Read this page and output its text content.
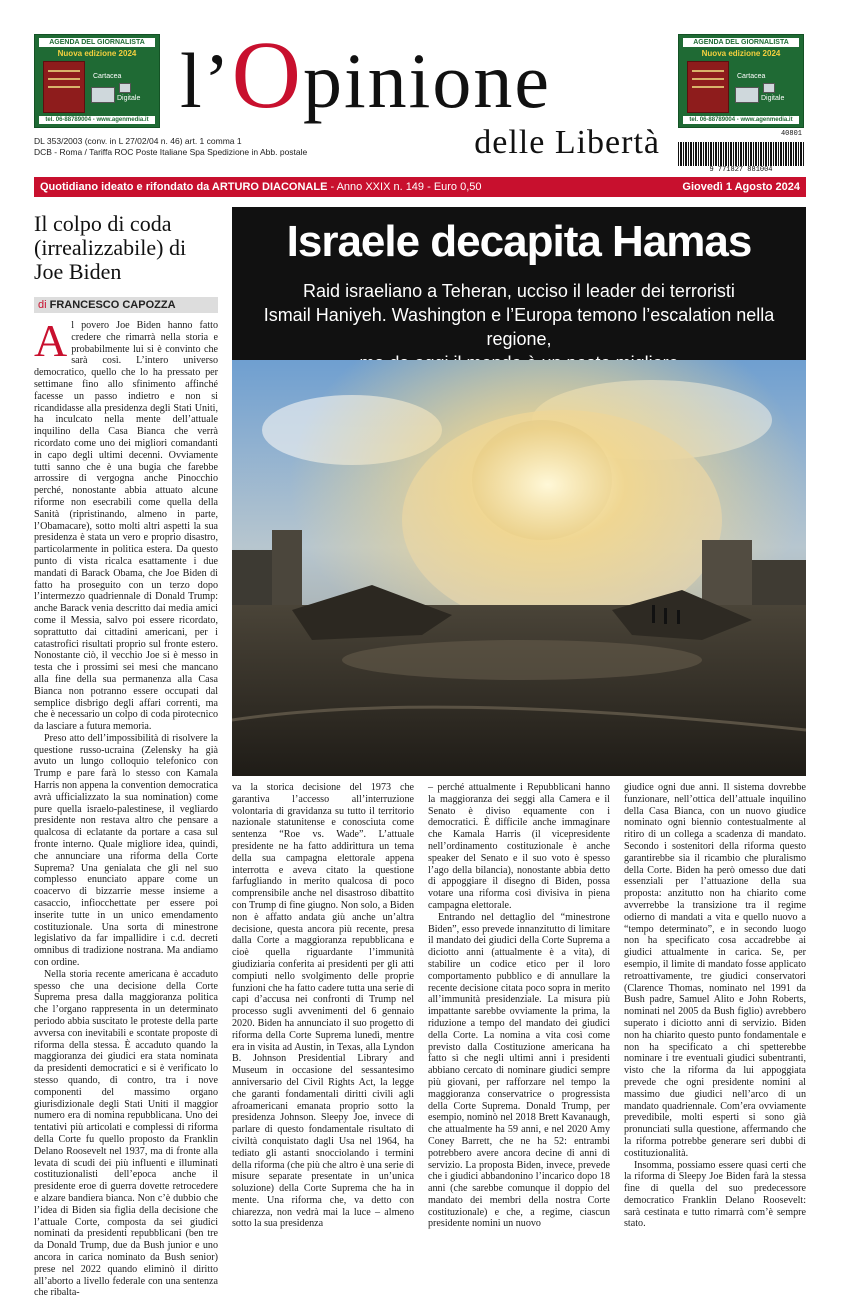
AGENDA DEL GIORNALISTA
Nuova edizione 2024
Cartacea
Digitale
tel. 06-88789004 - www.agenmedia.it
AGENDA DEL GIORNALISTA
Nuova edizione 2024
Cartacea
Digitale
tel. 06-88789004 - www.agenmedia.it
l’Opinione
delle Libertà
DL 353/2003 (conv. in L 27/02/04 n. 46) art. 1 comma 1
DCB - Roma / Tariffa ROC Poste Italiane Spa Spedizione in Abb. postale
40801
9 771827 881004
Quotidiano ideato e rifondato da ARTURO DIACONALE - Anno XXIX n. 149 - Euro 0,50	Giovedì 1 Agosto 2024
Il colpo di coda (irrealizzabile) di Joe Biden
di FRANCESCO CAPOZZA

Al povero Joe Biden hanno fatto credere che rimarrà nella storia e probabilmente lui si è convinto che sarà così. L’intero universo democratico, quello che lo ha pressato per settimane fino allo sfinimento affinché facesse un passo indietro e non si ricandidasse alla presidenza degli Stati Uniti, ha inculcato nella mente dell’attuale inquilino della Casa Bianca che verrà ricordato come uno dei migliori comandanti in capo degli ultimi decenni. Ovviamente tutti sanno che è una bugia che farebbe arrossire di vergogna anche Pinocchio perché, nonostante abbia attuato alcune riforme non esecrabili come quella della Sanità (ripristinando, almeno in parte, l’Obamacare), sotto molti altri aspetti la sua presidenza è stata un vero e proprio disastro, particolarmente in politica estera. Da questo punto di vista ricalca esattamente i due mandati di Barack Obama, che Joe Biden di fatto ha proseguito con un terzo dopo l’intermezzo quadriennale di Donald Trump: anche Barack venia descritto dai media amici come il Messia, salvo poi essere ricordato, soprattutto dai cittadini americani, per i catastrofici risultati proprio sul fronte estero. Nonostante ciò, il vecchio Joe si è messo in testa che i prossimi sei mesi che mancano alla fine della sua permanenza alla Casa Bianca non potranno essere occupati dal semplice disbrigo degli affari correnti, ma che è necessario un colpo di coda pirotecnico da lasciare a futura memoria.

Preso atto dell’impossibilità di risolvere la questione russo-ucraina (Zelensky ha già avuto un lungo colloquio telefonico con Trump e pare farà lo stesso con Kamala Harris non appena la convention democratica avrà ufficializzato la sua nomination) come pure quella israelo-palestinese, il vegliardo presidente non restava altro che pensare a qualcosa di eclatante da portare a casa sul fronte interno. Quale migliore idea, quindi, che annunciare una riforma della Corte Suprema? Una genialata che gli nel suo complesso enunciato appare come un coacervo di bizzarrie messe insieme a casaccio, infiocchettate per essere poi inserite tutte in un unico emendamento costituzionale. Una sorta di minestrone legislativo da far impallidire i c.d. decreti omnibus di tradizione nostrana. Ma andiamo con ordine.

Nella storia recente americana è accaduto spesso che una decisione della Corte Suprema presa dalla maggioranza politica che l’organo rappresenta in un determinato periodo abbia suscitato le proteste della parte avversa con inevitabili e scontate proposte di riforma della stessa. È accaduto quando la maggioranza dei giudici era stata nominata da presidenti democratici e si è verificato lo stesso quando, di contro, tra i nove componenti del massimo organo giurisdizionale degli Stati Uniti il maggior numero era di nomina repubblicana. Uno dei tentativi più articolati e complessi di riforma della Corte fu quello proposto da Franklin Delano Roosevelt nel 1937, ma di fronte alla levata di scudi dei più influenti e illuminati costituzionalisti dell’epoca anche il presidente eroe di guerra dovette retrocedere e alzare bandiera bianca. Non c’è dubbio che l’idea di Biden sia figlia della decisione che l’attuale Corte, composta da sei giudici nominati da presidenti repubblicani (ben tre da Donald Trump, due da Bush junior e uno ancora in carica nominato da Bush senior) prese nel 2022 quando eliminò il diritto all’aborto a livello federale con una sentenza che ribalta-

va la storica decisione del 1973 che garantiva l’accesso all’interruzione volontaria di gravidanza su tutto il territorio nazionale statunitense e conosciuta come sentenza “Roe vs. Wade”. L’attuale presidente ne ha fatto addirittura un tema della sua campagna elettorale appena interrotta e aveva citato la questione farfugliando in merito qualcosa di poco comprensibile anche nel disastroso dibattito con Trump di fine giugno. Non solo, a Biden non è affatto andata giù anche un’altra decisione, questa ancora più recente, presa dalla Corte a maggioranza repubblicana e cioè quella riguardante l’immunità giudiziaria conferita ai presidenti per gli atti compiuti nello svolgimento delle proprie funzioni che ha fatto cadere tutta una serie di capi d’accusa nei confronti di Trump nel processo sugli avvenimenti del 6 gennaio 2020. Biden ha annunciato il suo progetto di riforma della Corte Suprema lunedì, mentre era in visita ad Austin, in Texas, alla Lyndon B. Johnson Presidential Library and Museum in occasione del sessantesimo anniversario del Civil Rights Act, la legge che garanti fondamentali diritti civili agli afroamericani emanata proprio sotto la presidenza Johnson. Sleepy Joe, invece di parlare di questo fondamentale risultato di civiltà conquistato dagli Usa nel 1964, ha tediato gli astanti snocciolando i termini della riforma (che più che altro è una serie di misure separate presentate in un’unica soluzione) della Corte Suprema che ha in mente. Una riforma che, va detto con chiarezza, non vedrà mai la luce – almeno sotto la sua presidenza

– perché attualmente i Repubblicani hanno la maggioranza dei seggi alla Camera e il Senato è diviso equamente con i democratici. È difficile anche immaginare che Kamala Harris (il vicepresidente nell’ordinamento costituzionale è anche speaker del Senato e il suo voto è spesso l’ago della bilancia), nonostante abbia detto di appoggiare il disegno di Biden, possa votare una riforma così divisiva in piena campagna elettorale.

Entrando nel dettaglio del “minestrone Biden”, esso prevede innanzitutto di limitare il mandato dei giudici della Corte Suprema a diciotto anni (attualmente è a vita), di stabilire un codice etico per il loro comportamento pubblico e di annullare la recente decisione citata poco sopra in merito all’immunità presidenziale. La misura più impattante sarebbe ovviamente la prima, la riduzione a tempo del mandato dei giudici della Corte. La nomina a vita così come previsto dalla Costituzione americana ha fatto sì che negli ultimi anni i presidenti abbiano cercato di nominare giudici sempre più giovani, per rafforzare nel tempo la maggioranza conservatrice o progressista della Corte Suprema. Donald Trump, per esempio, nominò nel 2018 Brett Kavanaugh, che attualmente ha 59 anni, e nel 2020 Amy Coney Barrett, che ne ha 52: entrambi potrebbero avere ancora decine di anni di servizio. La proposta Biden, invece, prevede che i giudici abbandonino l’incarico dopo 18 anni (che sarebbe comunque il doppio del mandato dei membri della nostra Corte costituzionale) e che, a regime, ciascun presidente nomini un nuovo

giudice ogni due anni. Il sistema dovrebbe funzionare, nell’ottica dell’attuale inquilino della Casa Bianca, con un nuovo giudice nominato ogni biennio contestualmente al ritiro di un collega a scadenza di mandato. Secondo i sostenitori della riforma questo garantirebbe sia il ricambio che pluralismo della Corte. Biden ha però omesso due dati essenziali per l’attuazione della sua proposta: anzitutto non ha chiarito come avverrebbe la transizione tra il regime odierno di mandati a vita e quello nuovo a “tempo determinato”, e in secondo luogo non ha specificato cosa accadrebbe ai giudici attualmente in carica. Se, per esempio, il limite di mandato fosse applicato retroattivamente, tre giudici conservatori (Clarence Thomas, nominato nel 1991 da Bush padre, Samuel Alito e John Roberts, nominati nel 2005 da Bush figlio) avrebbero superato i diciotto anni di servizio. Biden non ha chiarito questo punto fondamentale e non ha specificato a chi spetterebbe nominare i tre eventuali giudici subentranti, visto che la riforma da lui appoggiata prevede che ogni presidente nomini al massimo due giudici nell’arco di un mandato quadriennale. Com’era ovviamente prevedibile, molti esperti si sono già pronunciati sulla questione, affermando che la riforma potrebbe generare seri dubbi di costituzionalità.

Insomma, possiamo essere quasi certi che la riforma di Sleepy Joe Biden farà la stessa fine di quella del suo predecessore democratico Franklin Delano Roosevelt: sarà cestinata e tutto rimarrà com’è sempre stato.

Israele decapita Hamas
Raid israeliano a Teheran, ucciso il leader dei terroristi
Ismail Haniyeh. Washington e l’Europa temono l’escalation nella regione,
